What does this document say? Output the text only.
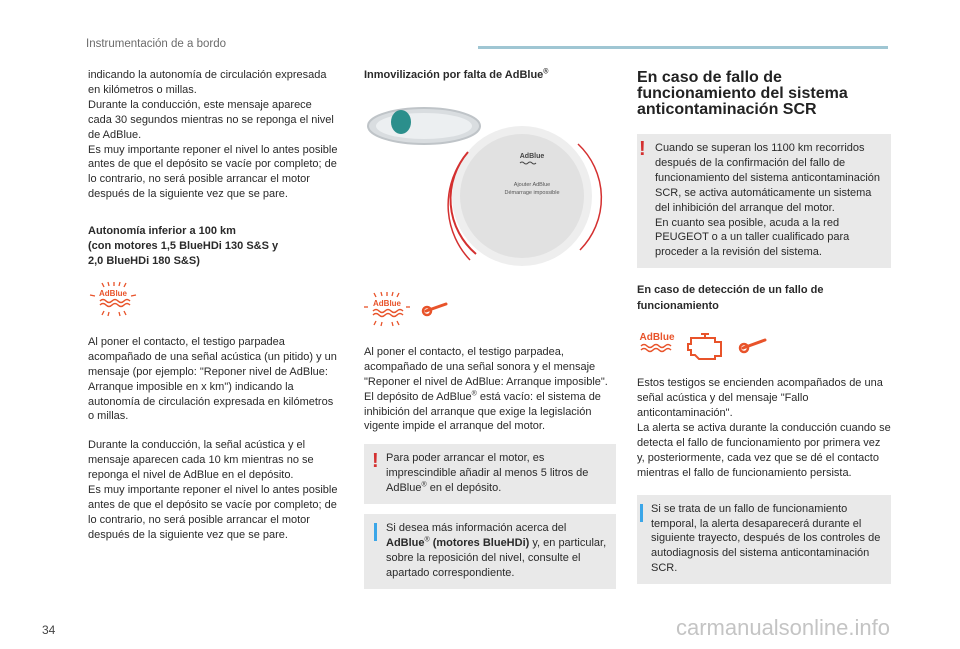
Instrumentación de a bordo

indicando la autonomía de circulación expresada en kilómetros o millas.

Durante la conducción, este mensaje aparece cada 30 segundos mientras no se reponga el nivel de AdBlue.

Es muy importante reponer el nivel lo antes posible antes de que el depósito se vacíe por completo; de lo contrario, no será posible arrancar el motor después de la siguiente vez que se pare.

Autonomía inferior a 100 km
(con motores 1,5 BlueHDi 130 S&S y
2,0 BlueHDi 180 S&S)

AdBlue

Al poner el contacto, el testigo parpadea acompañado de una señal acústica (un pitido) y un mensaje (por ejemplo: "Reponer nivel de AdBlue: Arranque imposible en x km") indicando la autonomía de circulación expresada en kilómetros o millas.

Durante la conducción, la señal acústica y el mensaje aparecen cada 10 km mientras no se reponga el nivel de AdBlue en el depósito.

Es muy importante reponer el nivel lo antes posible antes de que el depósito se vacíe por completo; de lo contrario, no será posible arrancar el motor después de la siguiente vez que se pare.

Inmovilización por falta de AdBlue®

AdBlue

Al poner el contacto, el testigo parpadea, acompañado de una señal sonora y el mensaje "Reponer el nivel de AdBlue: Arranque imposible".

El depósito de AdBlue® está vacío: el sistema de inhibición del arranque que exige la legislación vigente impide el arranque del motor.

! Para poder arrancar el motor, es imprescindible añadir al menos 5 litros de AdBlue® en el depósito.

Si desea más información acerca del AdBlue® (motores BlueHDi) y, en particular, sobre la reposición del nivel, consulte el apartado correspondiente.

AdBlue
Ajouter AdBlue
Démarrage impossible

En caso de fallo de funcionamiento del sistema anticontaminación SCR

! Cuando se superan los 1100 km recorridos después de la confirmación del fallo de funcionamiento del sistema anticontaminación SCR, se activa automáticamente un sistema del inhibición del arranque del motor.

En cuanto sea posible, acuda a la red PEUGEOT o a un taller cualificado para proceder a la revisión del sistema.

En caso de detección de un fallo de funcionamiento

AdBlue

Estos testigos se encienden acompañados de una señal acústica y del mensaje "Fallo anticontaminación".

La alerta se activa durante la conducción cuando se detecta el fallo de funcionamiento por primera vez y, posteriormente, cada vez que se dé el contacto mientras el fallo de funcionamiento persista.

Si se trata de un fallo de funcionamiento temporal, la alerta desaparecerá durante el siguiente trayecto, después de los controles de autodiagnosis del sistema anticontaminación SCR.

34	carmanualsonline.info
